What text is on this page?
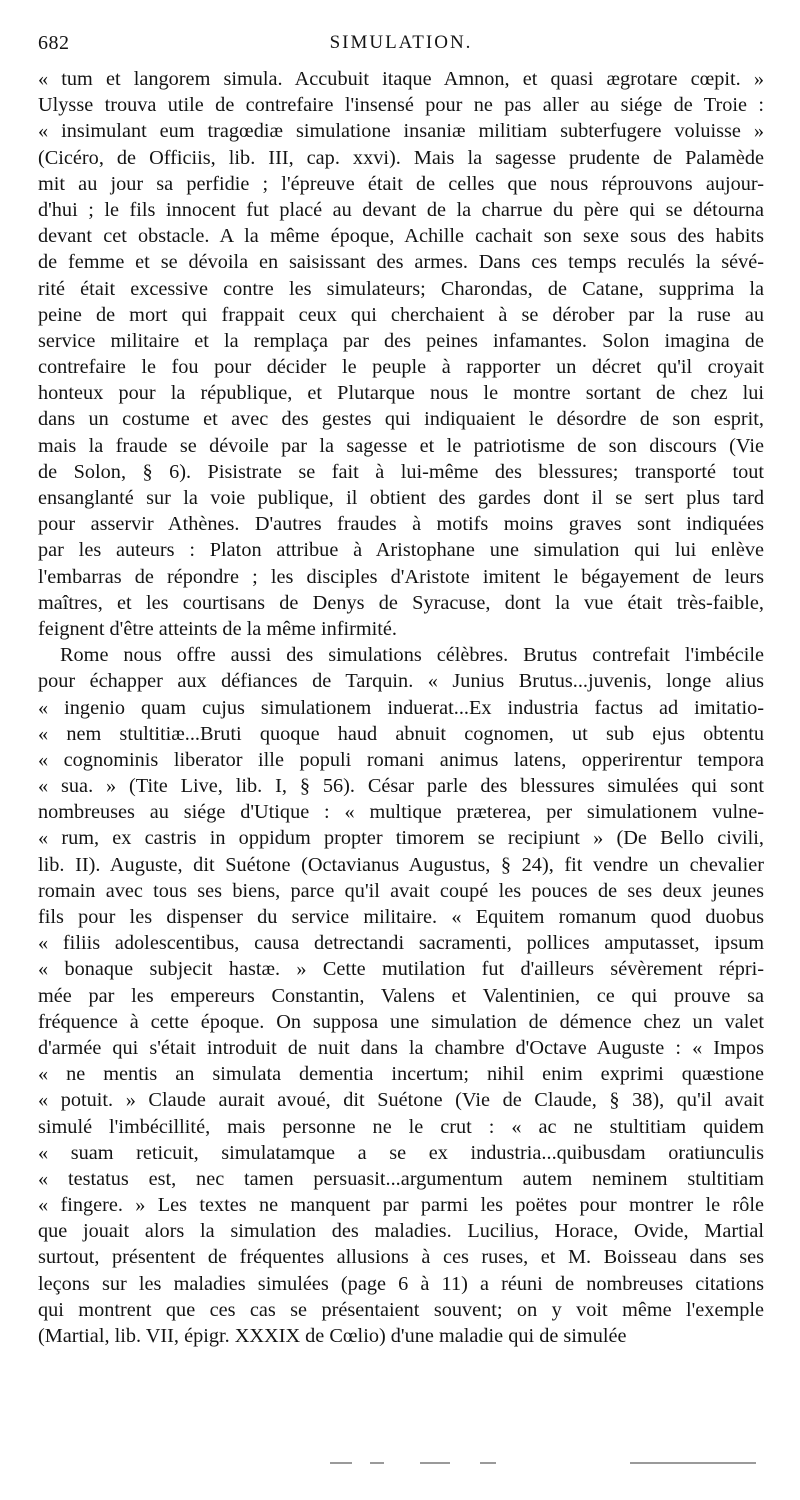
682	SIMULATION.
« tum et langorem simula. Accubuit itaque Amnon, et quasi ægrotare cœpit. »
Ulysse trouva utile de contrefaire l'insensé pour ne pas aller au siége de Troie :
« insimulant eum tragœdiæ simulatione insaniæ militiam subterfugere voluisse »
(Cicéro, de Officiis, lib. III, cap. xxvi). Mais la sagesse prudente de Palamède
mit au jour sa perfidie ; l'épreuve était de celles que nous réprouvons aujour-
d'hui ; le fils innocent fut placé au devant de la charrue du père qui se détourna
devant cet obstacle. A la même époque, Achille cachait son sexe sous des habits
de femme et se dévoila en saisissant des armes. Dans ces temps reculés la sévé-
rité était excessive contre les simulateurs; Charondas, de Catane, supprima la
peine de mort qui frappait ceux qui cherchaient à se dérober par la ruse au
service militaire et la remplaça par des peines infamantes. Solon imagina de
contrefaire le fou pour décider le peuple à rapporter un décret qu'il croyait
honteux pour la république, et Plutarque nous le montre sortant de chez lui
dans un costume et avec des gestes qui indiquaient le désordre de son esprit,
mais la fraude se dévoile par la sagesse et le patriotisme de son discours (Vie
de Solon, § 6). Pisistrate se fait à lui-même des blessures; transporté tout
ensanglanté sur la voie publique, il obtient des gardes dont il se sert plus tard
pour asservir Athènes. D'autres fraudes à motifs moins graves sont indiquées
par les auteurs : Platon attribue à Aristophane une simulation qui lui enlève
l'embarras de répondre ; les disciples d'Aristote imitent le bégayement de leurs
maîtres, et les courtisans de Denys de Syracuse, dont la vue était très-faible,
feignent d'être atteints de la même infirmité.
Rome nous offre aussi des simulations célèbres. Brutus contrefait l'imbécile
pour échapper aux défiances de Tarquin. « Junius Brutus...juvenis, longe alius
« ingenio quam cujus simulationem induerat...Ex industria factus ad imitatio-
« nem stultitiæ...Bruti quoque haud abnuit cognomen, ut sub ejus obtentu
« cognominis liberator ille populi romani animus latens, opperirentur tempora
« sua. » (Tite Live, lib. I, § 56). César parle des blessures simulées qui sont
nombreuses au siége d'Utique : « multique præterea, per simulationem vulne-
« rum, ex castris in oppidum propter timorem se recipiunt » (De Bello civili,
lib. II). Auguste, dit Suétone (Octavianus Augustus, § 24), fit vendre un chevalier
romain avec tous ses biens, parce qu'il avait coupé les pouces de ses deux jeunes
fils pour les dispenser du service militaire. « Equitem romanum quod duobus
« filiis adolescentibus, causa detrectandi sacramenti, pollices amputasset, ipsum
« bonaque subjecit hastæ. » Cette mutilation fut d'ailleurs sévèrement répri-
mée par les empereurs Constantin, Valens et Valentinien, ce qui prouve sa
fréquence à cette époque. On supposa une simulation de démence chez un valet
d'armée qui s'était introduit de nuit dans la chambre d'Octave Auguste : « Impos
« ne mentis an simulata dementia incertum; nihil enim exprimi quæstione
« potuit. » Claude aurait avoué, dit Suétone (Vie de Claude, § 38), qu'il avait
simulé l'imbécillité, mais personne ne le crut : « ac ne stultitiam quidem
« suam reticuit, simulatamque a se ex industria...quibusdam oratiunculis
« testatus est, nec tamen persuasit...argumentum autem neminem stultitiam
« fingere. » Les textes ne manquent par parmi les poëtes pour montrer le rôle
que jouait alors la simulation des maladies. Lucilius, Horace, Ovide, Martial
surtout, présentent de fréquentes allusions à ces ruses, et M. Boisseau dans ses
leçons sur les maladies simulées (page 6 à 11) a réuni de nombreuses citations
qui montrent que ces cas se présentaient souvent; on y voit même l'exemple
(Martial, lib. VII, épigr. XXXIX de Cœlio) d'une maladie qui de simulée
